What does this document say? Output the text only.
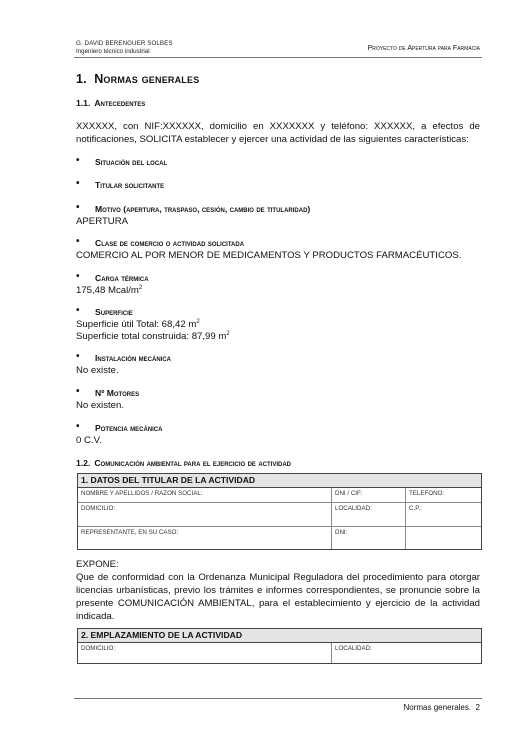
G. DAVID BERENGUER SOLBES
Ingeniero técnico industrial	Proyecto de Apertura para Farmacia
1. Normas generales
1.1. Antecedentes
XXXXXX, con NIF:XXXXXX, domicilio en XXXXXXX y teléfono: XXXXXX, a efectos de notificaciones, SOLICITA establecer y ejercer una actividad de las siguientes características:
• Situación del local
• Titular solicitante
• Motivo (apertura, traspaso, cesión, cambio de titularidad)
APERTURA
• Clase de comercio o actividad solicitada
COMERCIO AL POR MENOR DE MEDICAMENTOS Y PRODUCTOS FARMACÉUTICOS.
• Carga térmica
175,48 Mcal/$m^2$
• Superficie
Superficie útil Total: 68,42 $m^2$
Superficie total construida: 87,99 $m^2$
• Instalación mecánica
No existe.
• Nº Motores
No existen.
• Potencia mecánica
0 C.V.
1.2. Comunicación ambiental para el ejercicio de actividad
1. DATOS DEL TITULAR DE LA ACTIVIDAD
NOMBRE Y APELLIDOS / RAZON SOCIAL:	DNI / CIF:	TELEFONO:
DOMICILIO:	LOCALIDAD:	C.P.:
REPRESENTANTE, EN SU CASO:	DNI:
EXPONE:
Que de conformidad con la Ordenanza Municipal Reguladora del procedimiento para otorgar licencias urbanísticas, previo los trámites e informes correspondientes, se pronuncie sobre la presente COMUNICACIÓN AMBIENTAL, para el establecimiento y ejercicio de la actividad indicada.
2. EMPLAZAMIENTO DE LA ACTIVIDAD
DOMICILIO:	LOCALIDAD:
Normas generales. 2
